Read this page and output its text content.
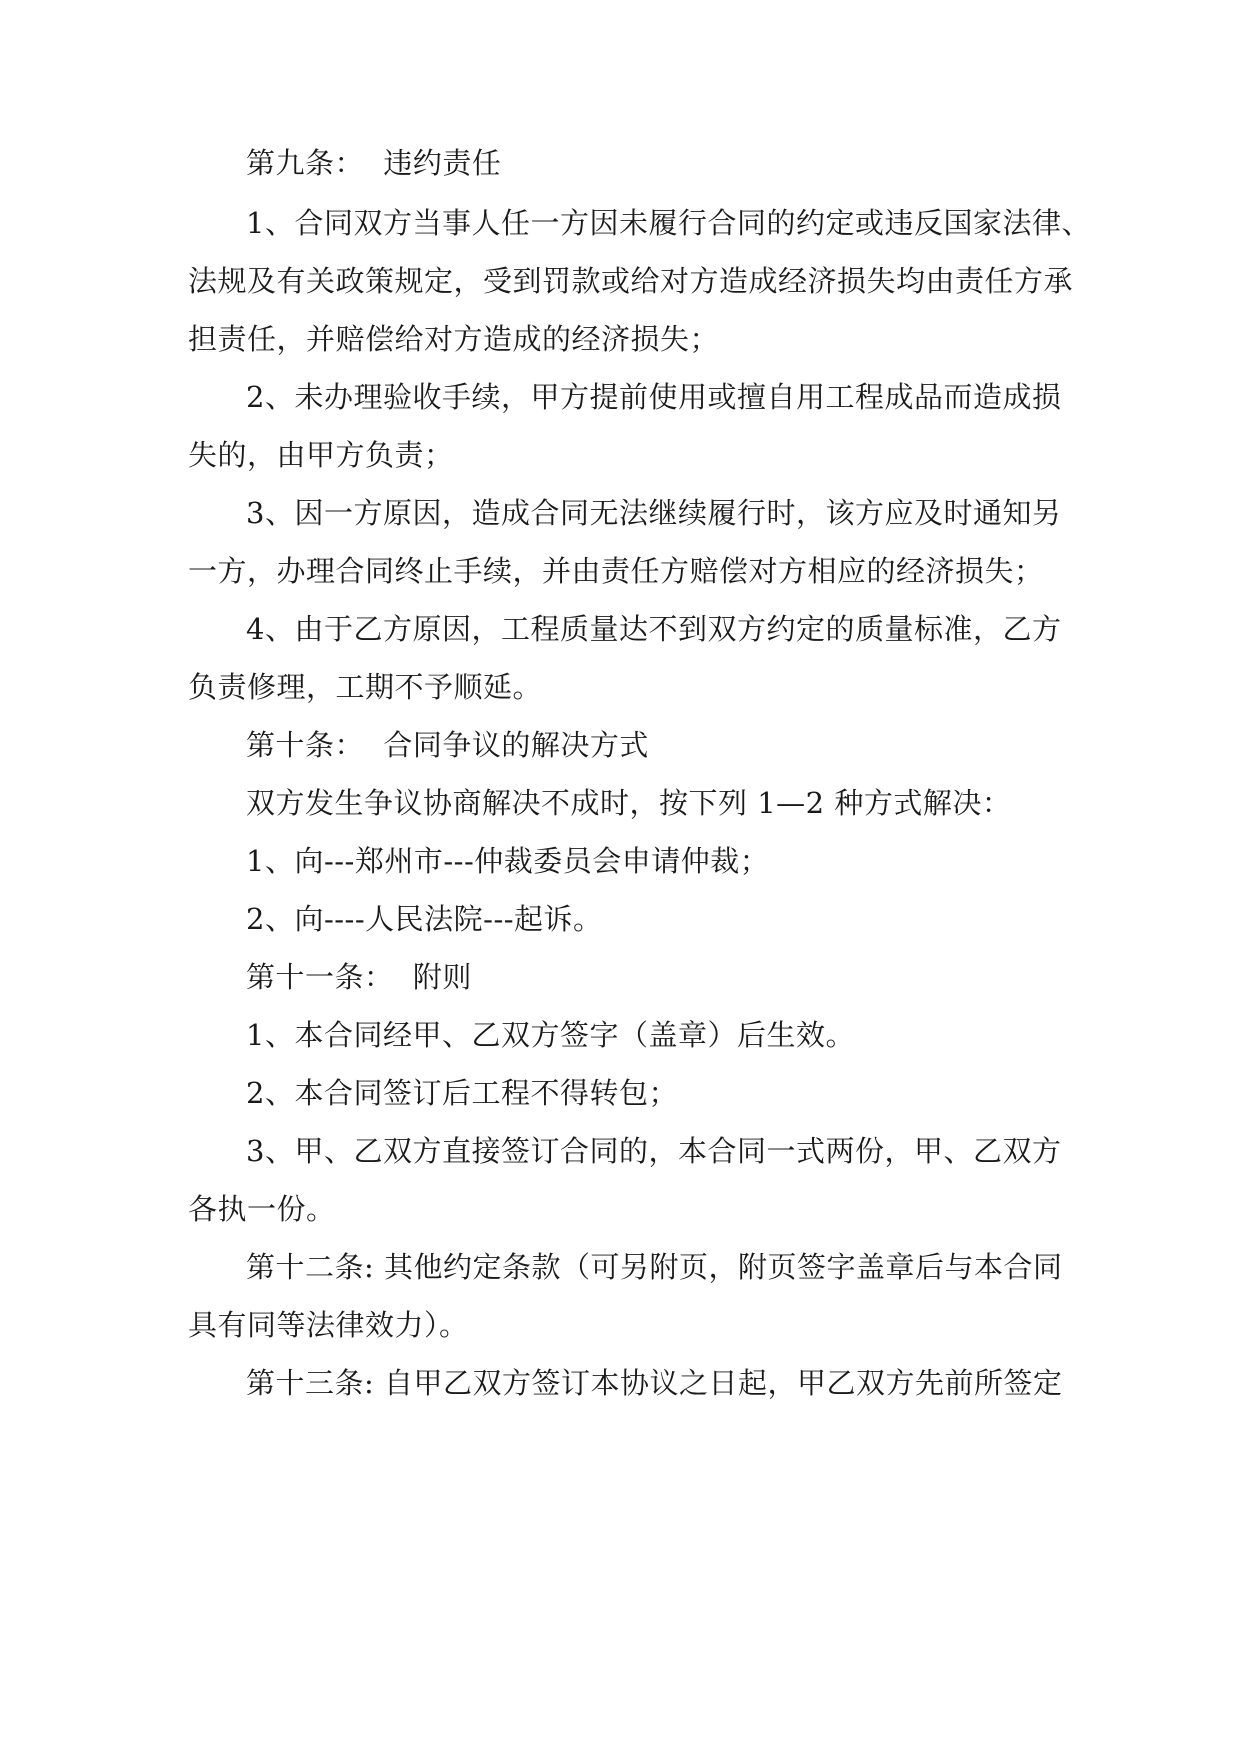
第九条：  违约责任
1、合同双方当事人任一方因未履行合同的约定或违反国家法律、
法规及有关政策规定，受到罚款或给对方造成经济损失均由责任方承
担责任，并赔偿给对方造成的经济损失；
2、未办理验收手续，甲方提前使用或擅自用工程成品而造成损
失的，由甲方负责；
3、因一方原因，造成合同无法继续履行时，该方应及时通知另
一方，办理合同终止手续，并由责任方赔偿对方相应的经济损失；
4、由于乙方原因，工程质量达不到双方约定的质量标准，乙方
负责修理，工期不予顺延。
第十条：  合同争议的解决方式
双方发生争议协商解决不成时，按下列 1—2 种方式解决：
1、向---郑州市---仲裁委员会申请仲裁；
2、向----人民法院---起诉。
第十一条：  附则
1、本合同经甲、乙双方签字（盖章）后生效。
2、本合同签订后工程不得转包；
3、甲、乙双方直接签订合同的，本合同一式两份，甲、乙双方
各执一份。
第十二条: 其他约定条款（可另附页，附页签字盖章后与本合同
具有同等法律效力）。
第十三条: 自甲乙双方签订本协议之日起，甲乙双方先前所签定
